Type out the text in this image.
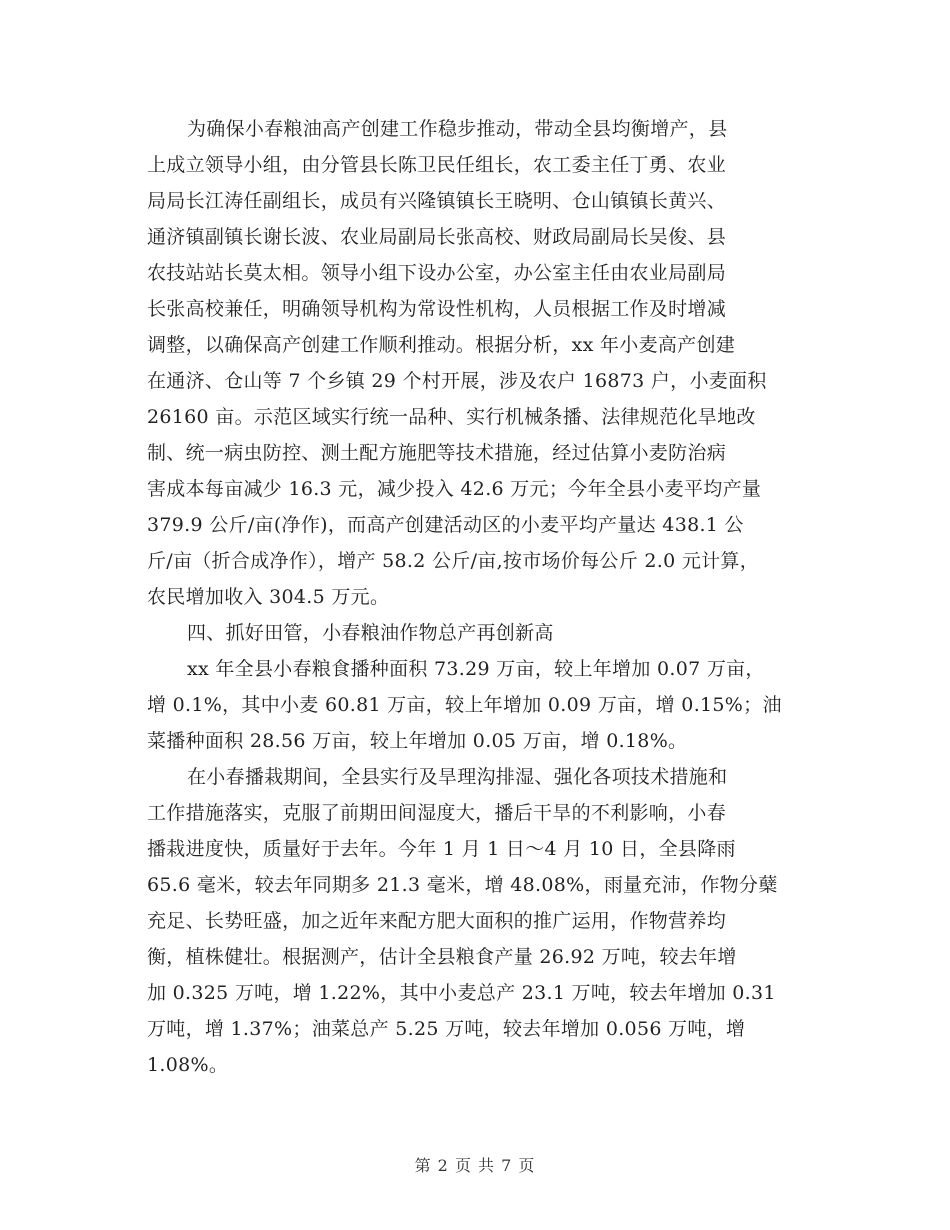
为确保小春粮油高产创建工作稳步推动，带动全县均衡增产，县
上成立领导小组，由分管县长陈卫民任组长，农工委主任丁勇、农业
局局长江涛任副组长，成员有兴隆镇镇长王晓明、仓山镇镇长黄兴、
通济镇副镇长谢长波、农业局副局长张高校、财政局副局长吴俊、县
农技站站长莫太相。领导小组下设办公室，办公室主任由农业局副局
长张高校兼任，明确领导机构为常设性机构，人员根据工作及时增减
调整，以确保高产创建工作顺利推动。根据分析，xx 年小麦高产创建
在通济、仓山等 7 个乡镇 29 个村开展，涉及农户 16873 户，小麦面积
26160 亩。示范区域实行统一品种、实行机械条播、法律规范化旱地改
制、统一病虫防控、测土配方施肥等技术措施，经过估算小麦防治病
害成本每亩减少 16.3 元，减少投入 42.6 万元；今年全县小麦平均产量
379.9 公斤/亩(净作)，而高产创建活动区的小麦平均产量达 438.1 公
斤/亩（折合成净作），增产 58.2 公斤/亩,按市场价每公斤 2.0 元计算，
农民增加收入 304.5 万元。
四、抓好田管，小春粮油作物总产再创新高
xx 年全县小春粮食播种面积 73.29 万亩，较上年增加 0.07 万亩，
增 0.1%，其中小麦 60.81 万亩，较上年增加 0.09 万亩，增 0.15%；油
菜播种面积 28.56 万亩，较上年增加 0.05 万亩，增 0.18%。
在小春播栽期间，全县实行及旱理沟排湿、强化各项技术措施和
工作措施落实，克服了前期田间湿度大，播后干旱的不利影响，小春
播栽进度快，质量好于去年。今年 1 月 1 日～4 月 10 日，全县降雨
65.6 毫米，较去年同期多 21.3 毫米，增 48.08%，雨量充沛，作物分蘖
充足、长势旺盛，加之近年来配方肥大面积的推广运用，作物营养均
衡，植株健壮。根据测产，估计全县粮食产量 26.92 万吨，较去年增
加 0.325 万吨，增 1.22%，其中小麦总产 23.1 万吨，较去年增加 0.31
万吨，增 1.37%；油菜总产 5.25 万吨，较去年增加 0.056 万吨，增
1.08%。
第 2 页 共 7 页
